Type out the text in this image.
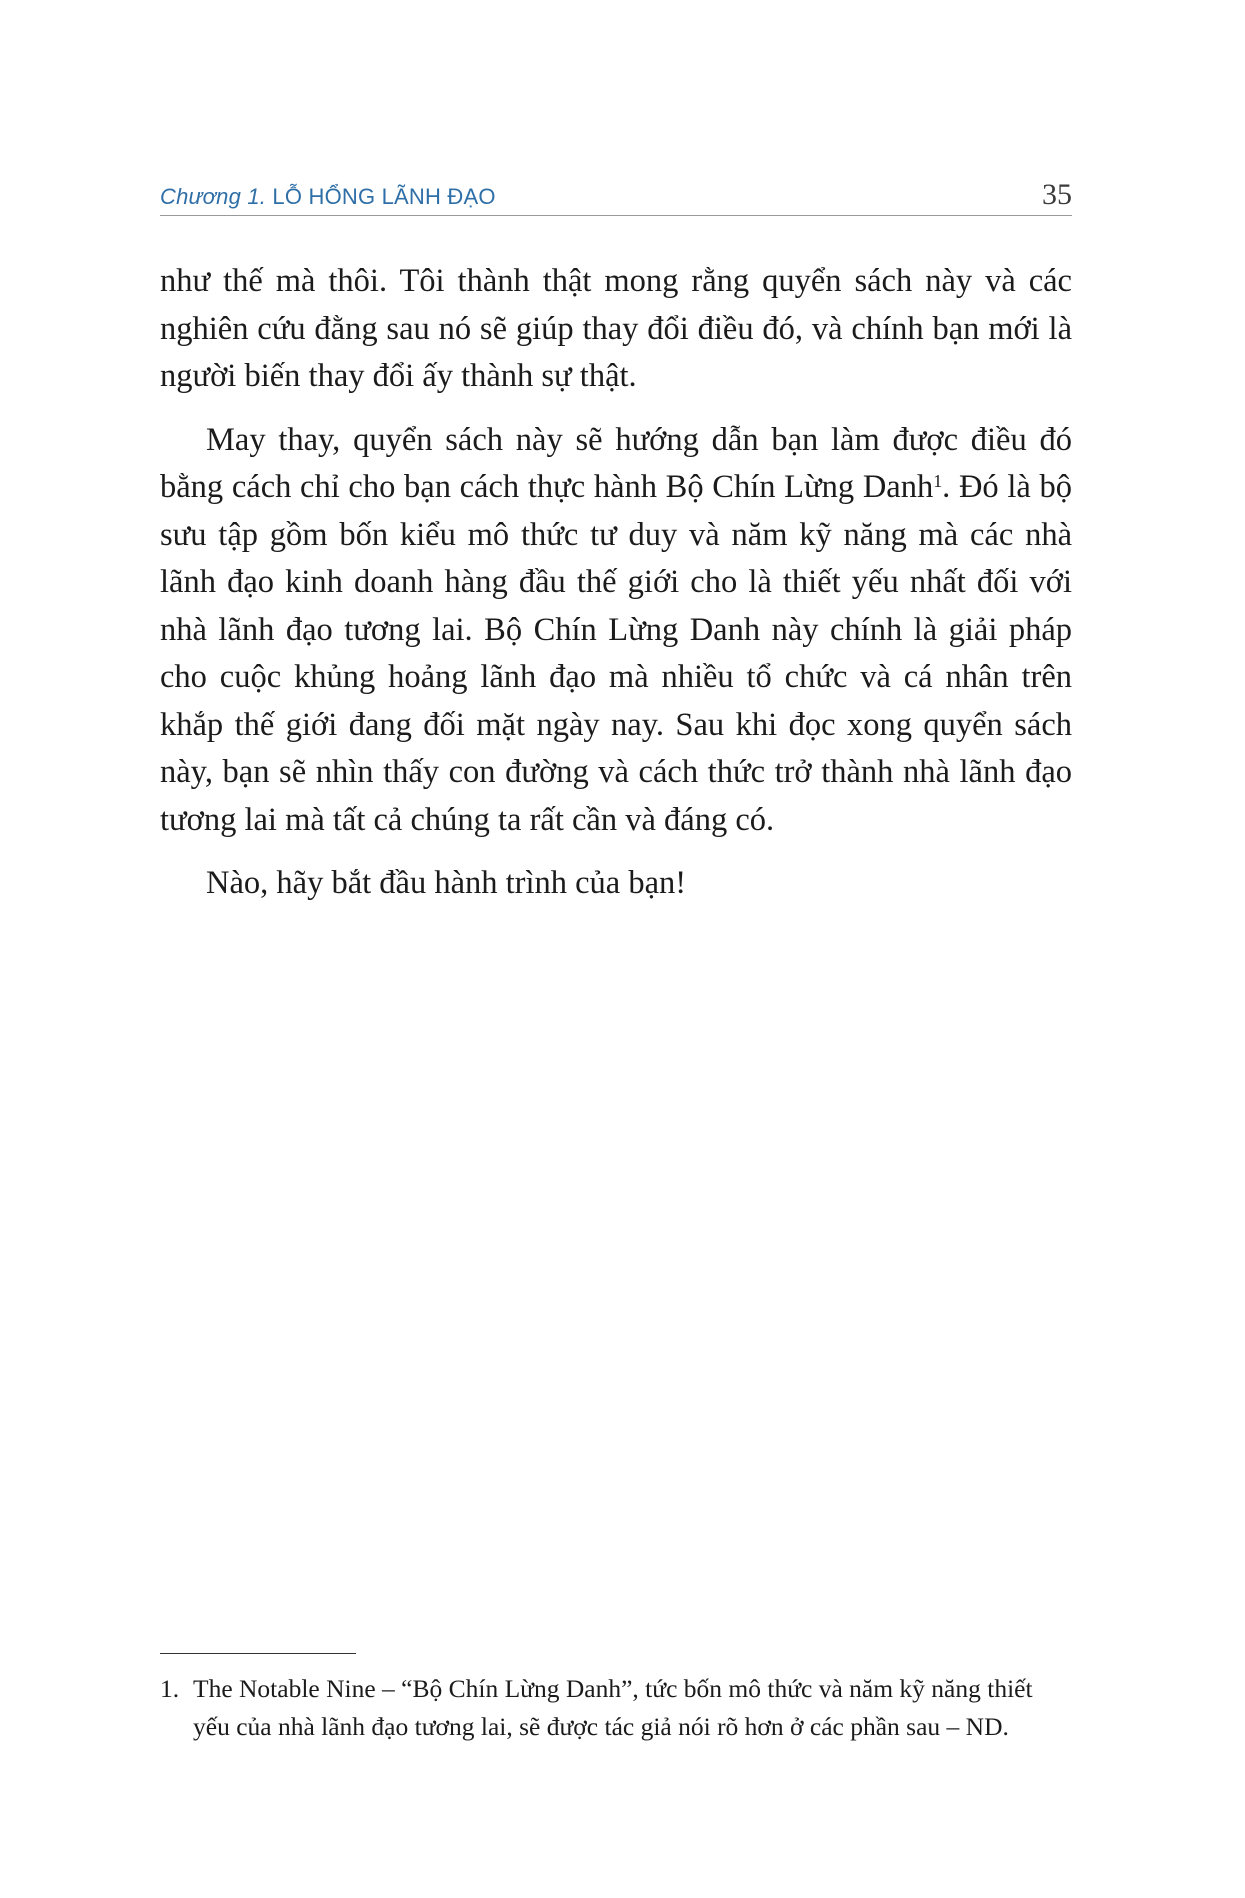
Chương 1. LỖ HỔNG LÃNH ĐẠO	35

như thế mà thôi. Tôi thành thật mong rằng quyển sách này và các nghiên cứu đằng sau nó sẽ giúp thay đổi điều đó, và chính bạn mới là người biến thay đổi ấy thành sự thật.

May thay, quyển sách này sẽ hướng dẫn bạn làm được điều đó bằng cách chỉ cho bạn cách thực hành Bộ Chín Lừng Danh$^1$. Đó là bộ sưu tập gồm bốn kiểu mô thức tư duy và năm kỹ năng mà các nhà lãnh đạo kinh doanh hàng đầu thế giới cho là thiết yếu nhất đối với nhà lãnh đạo tương lai. Bộ Chín Lừng Danh này chính là giải pháp cho cuộc khủng hoảng lãnh đạo mà nhiều tổ chức và cá nhân trên khắp thế giới đang đối mặt ngày nay. Sau khi đọc xong quyển sách này, bạn sẽ nhìn thấy con đường và cách thức trở thành nhà lãnh đạo tương lai mà tất cả chúng ta rất cần và đáng có.

Nào, hãy bắt đầu hành trình của bạn!

1. The Notable Nine – “Bộ Chín Lừng Danh”, tức bốn mô thức và năm kỹ năng thiết yếu của nhà lãnh đạo tương lai, sẽ được tác giả nói rõ hơn ở các phần sau – ND.
